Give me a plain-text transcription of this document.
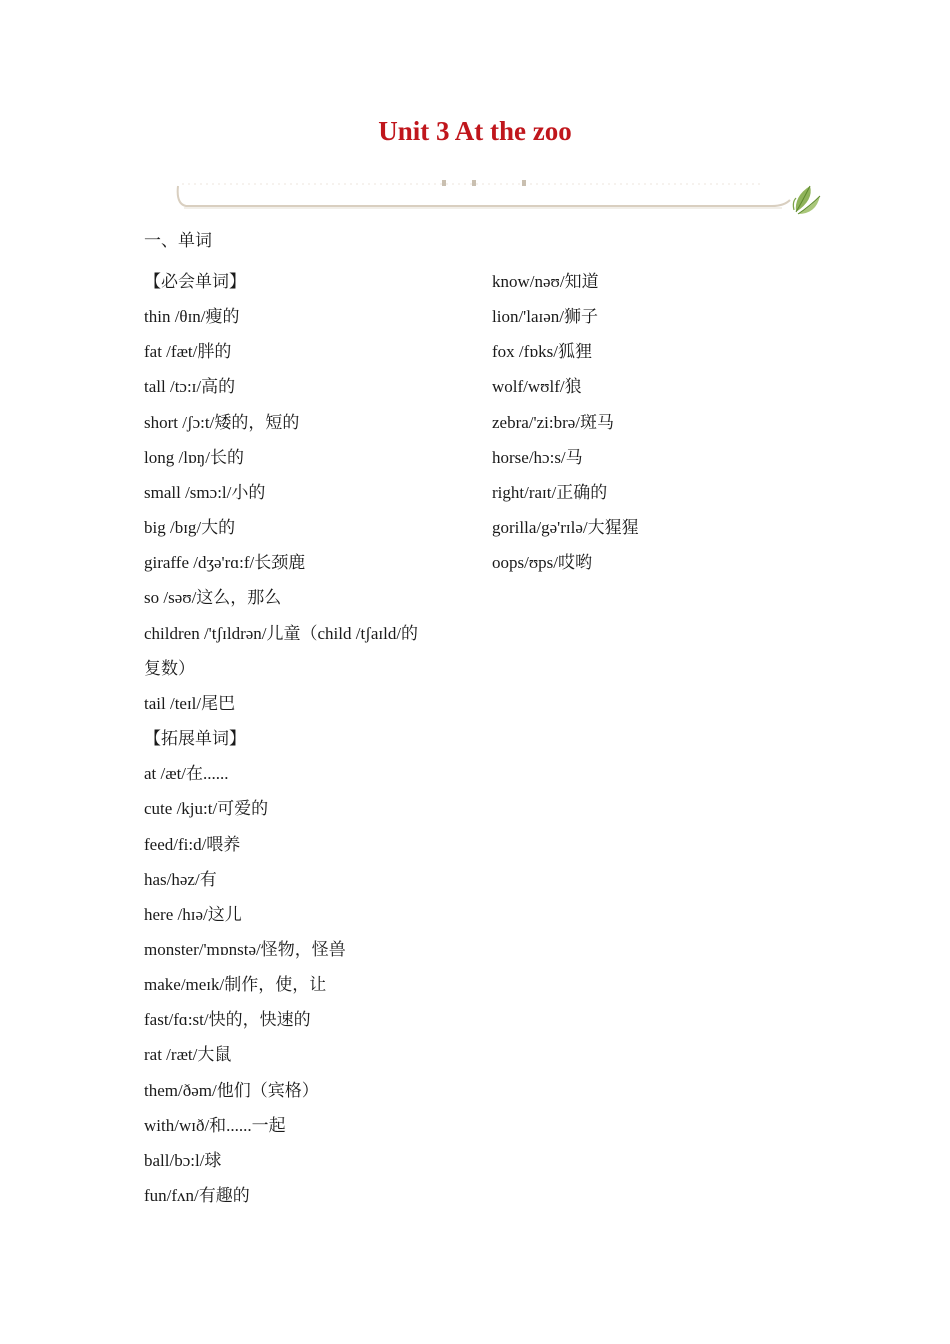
Unit 3 At the zoo
一、单词
【必会单词】
thin /θɪn/瘦的
fat /fæt/胖的
tall /tɔ:ɪ/高的
short /ʃɔ:t/矮的，短的
long /lɒŋ/长的
small /smɔ:l/小的
big /bɪg/大的
giraffe /dʒə'rɑ:f/长颈鹿
so /səʊ/这么，那么
children /'tʃɪldrən/儿童（child /tʃaɪld/的
复数）
tail /teɪl/尾巴
【拓展单词】
at /æt/在......
cute /kju:t/可爱的
feed/fi:d/喂养
has/həz/有
here /hɪə/这儿
monster/'mɒnstə/怪物，怪兽
make/meɪk/制作，使，让
fast/fɑ:st/快的，快速的
rat /ræt/大鼠
them/ðəm/他们（宾格）
with/wɪð/和......一起
ball/bɔ:l/球
fun/fʌn/有趣的
know/nəʊ/知道
lion/'laɪən/狮子
fox /fɒks/狐狸
wolf/wʊlf/狼
zebra/'zi:brə/斑马
horse/hɔ:s/马
right/raɪt/正确的
gorilla/gə'rɪlə/大猩猩
oops/ʊps/哎哟
